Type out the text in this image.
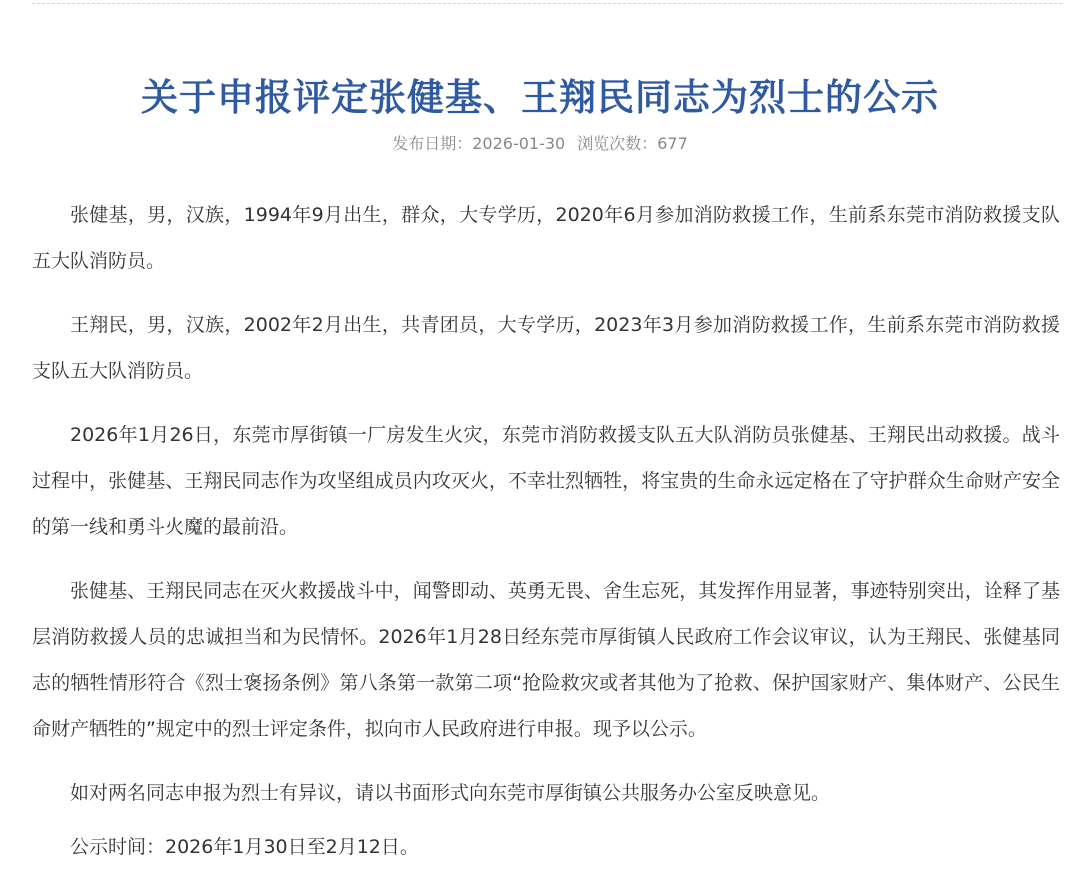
关于申报评定张健基、王翔民同志为烈士的公示
发布日期：2026-01-30 浏览次数：677

张健基，男，汉族，1994年9月出生，群众，大专学历，2020年6月参加消防救援工作，生前系东莞市消防救援支队五大队消防员。

王翔民，男，汉族，2002年2月出生，共青团员，大专学历，2023年3月参加消防救援工作，生前系东莞市消防救援支队五大队消防员。

2026年1月26日，东莞市厚街镇一厂房发生火灾，东莞市消防救援支队五大队消防员张健基、王翔民出动救援。战斗过程中，张健基、王翔民同志作为攻坚组成员内攻灭火，不幸壮烈牺牲，将宝贵的生命永远定格在了守护群众生命财产安全的第一线和勇斗火魔的最前沿。

张健基、王翔民同志在灭火救援战斗中，闻警即动、英勇无畏、舍生忘死，其发挥作用显著，事迹特别突出，诠释了基层消防救援人员的忠诚担当和为民情怀。2026年1月28日经东莞市厚街镇人民政府工作会议审议，认为王翔民、张健基同志的牺牲情形符合《烈士褒扬条例》第八条第一款第二项“抢险救灾或者其他为了抢救、保护国家财产、集体财产、公民生命财产牺牲的”规定中的烈士评定条件，拟向市人民政府进行申报。现予以公示。

如对两名同志申报为烈士有异议，请以书面形式向东莞市厚街镇公共服务办公室反映意见。

公示时间：2026年1月30日至2月12日。
